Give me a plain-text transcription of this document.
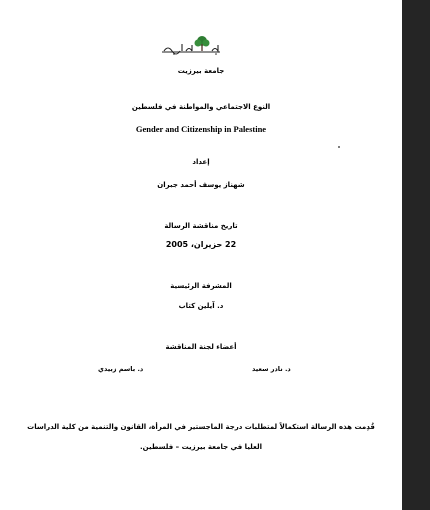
جامعة بيرزيت
النوع الاجتماعي والمواطنة في فلسطين
Gender and Citizenship in Palestine
إعداد
شهناز يوسف أحمد جبران
تاريخ مناقشة الرسالة
22 حزيران، 2005
المشرفة الرئيسية
د. آيلين كتاب
أعضاء لجنة المناقشة
د. نادر سعيد
د. باسم زبيدي
قُدِمت هذه الرسالة استكمالاً لمتطلبات درجة الماجستير في المرأة، القانون والتنمية من كلية الدراسات
العليا في جامعة بيرزيت – فلسطين.
